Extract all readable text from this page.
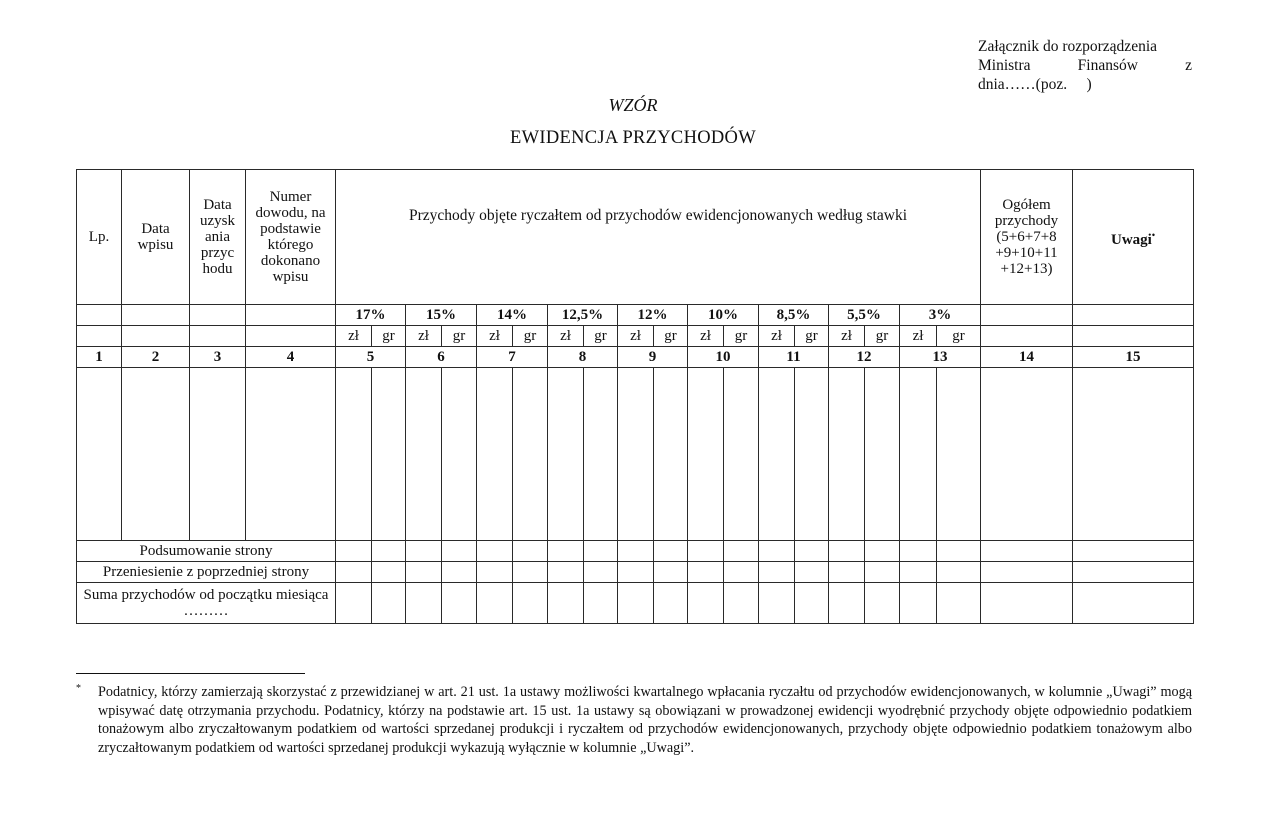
Załącznik do rozporządzenia
Ministra	Finansów	z
dnia……(poz.     )
WZÓR
EWIDENCJA PRZYCHODÓW
Lp.	Data wpisu	Data uzysk ania przyc hodu	Numer dowodu, na podstawie którego dokonano wpisu	Przychody objęte ryczałtem od przychodów ewidencjonowanych według stawki																		Ogółem przychody (5+6+7+8 +9+10+11 +12+13)	Uwagi•
				17%		15%		14%		12,5%		12%		10%		8,5%		5,5%		3%			
				zł	gr	zł	gr	zł	gr	zł	gr	zł	gr	zł	gr	zł	gr	zł	gr	zł	gr		
1	2	3	4	5		6		7		8		9		10		11		12		13		14	15

Podsumowanie strony																							
Przeniesienie z poprzedniej strony																							
Suma przychodów od początku miesiąca ………																							
* Podatnicy, którzy zamierzają skorzystać z przewidzianej w art. 21 ust. 1a ustawy możliwości kwartalnego wpłacania ryczałtu od przychodów ewidencjonowanych, w kolumnie „Uwagi” mogą wpisywać datę otrzymania przychodu. Podatnicy, którzy na podstawie art. 15 ust. 1a ustawy są obowiązani w prowadzonej ewidencji wyodrębnić przychody objęte odpowiednio podatkiem tonażowym albo zryczałtowanym podatkiem od wartości sprzedanej produkcji i ryczałtem od przychodów ewidencjonowanych, przychody objęte odpowiednio podatkiem tonażowym albo zryczałtowanym podatkiem od wartości sprzedanej produkcji wykazują wyłącznie w kolumnie „Uwagi”.
